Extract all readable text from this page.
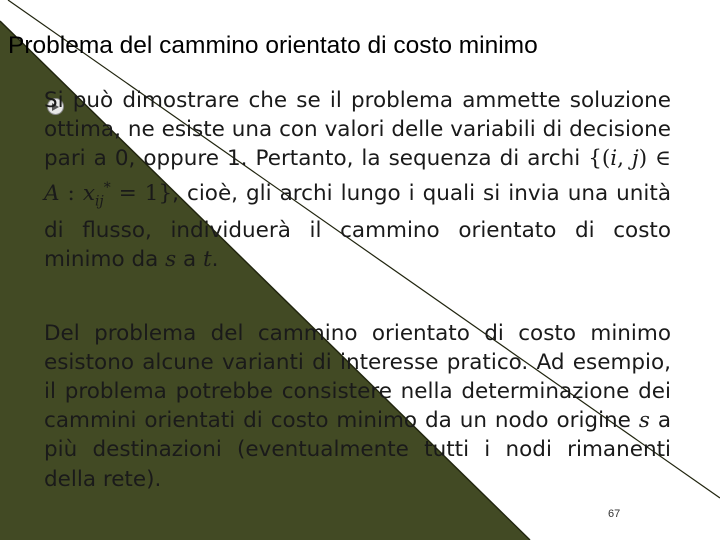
Problema del cammino orientato di costo minimo

Si può dimostrare che se il problema ammette soluzione ottima, ne esiste una con valori delle variabili di decisione pari a 0, oppure 1. Pertanto, la sequenza di archi {(i, j) ∈ A : $x_{ij}^* = 1$}, cioè, gli archi lungo i quali si invia una unità di flusso, individuerà il cammino orientato di costo minimo da s a t.

Del problema del cammino orientato di costo minimo esistono alcune varianti di interesse pratico. Ad esempio, il problema potrebbe consistere nella determinazione dei cammini orientati di costo minimo da un nodo origine s a più destinazioni (eventualmente tutti i nodi rimanenti della rete).

67
